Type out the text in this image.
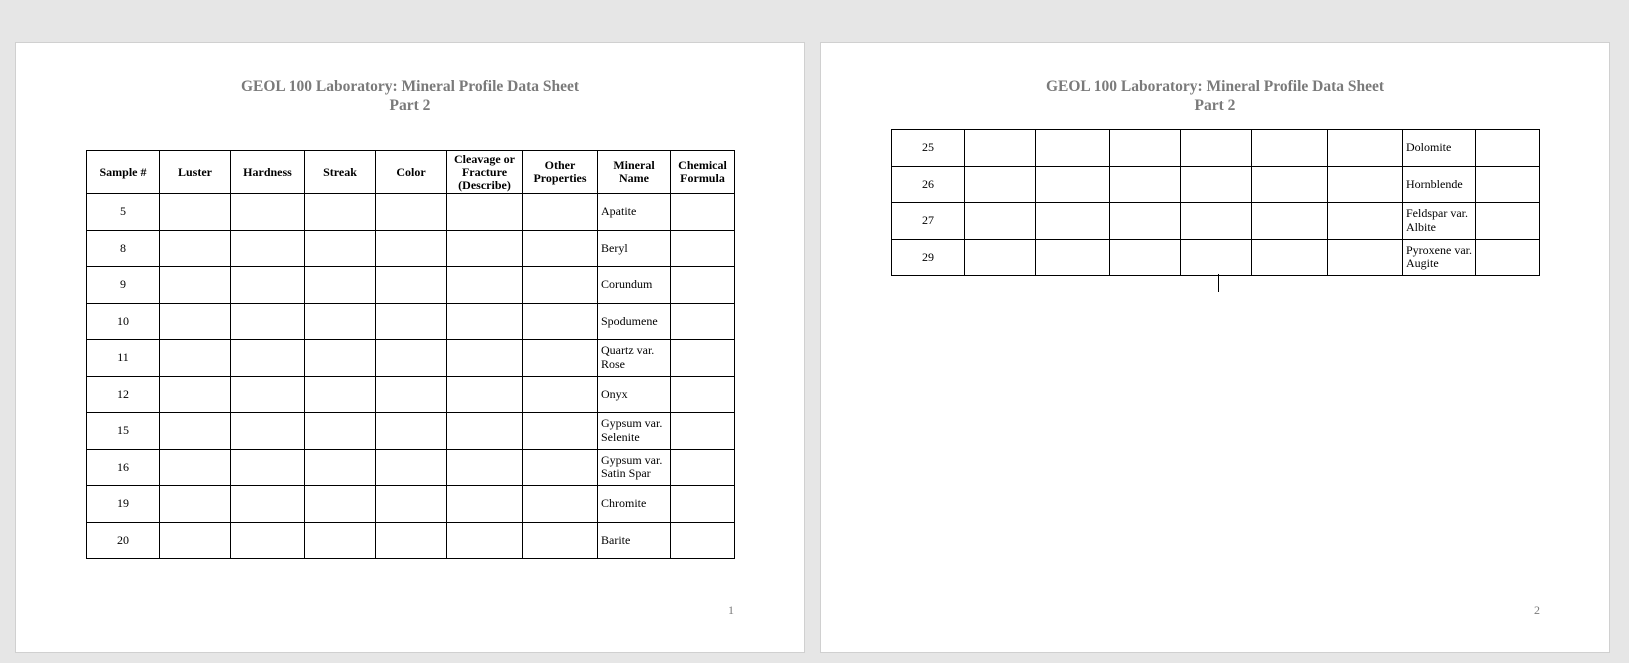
GEOL 100 Laboratory: Mineral Profile Data Sheet
Part 2
Sample #	Luster	Hardness	Streak	Color	Cleavage or Fracture (Describe)	Other Properties	Mineral Name	Chemical Formula
5							Apatite	
8							Beryl	
9							Corundum	
10							Spodumene	
11							Quartz var. Rose	
12							Onyx	
15							Gypsum var. Selenite	
16							Gypsum var. Satin Spar	
19							Chromite	
20							Barite	
1
GEOL 100 Laboratory: Mineral Profile Data Sheet
Part 2
25							Dolomite	
26							Hornblende	
27							Feldspar var. Albite	
29							Pyroxene var. Augite	
2
